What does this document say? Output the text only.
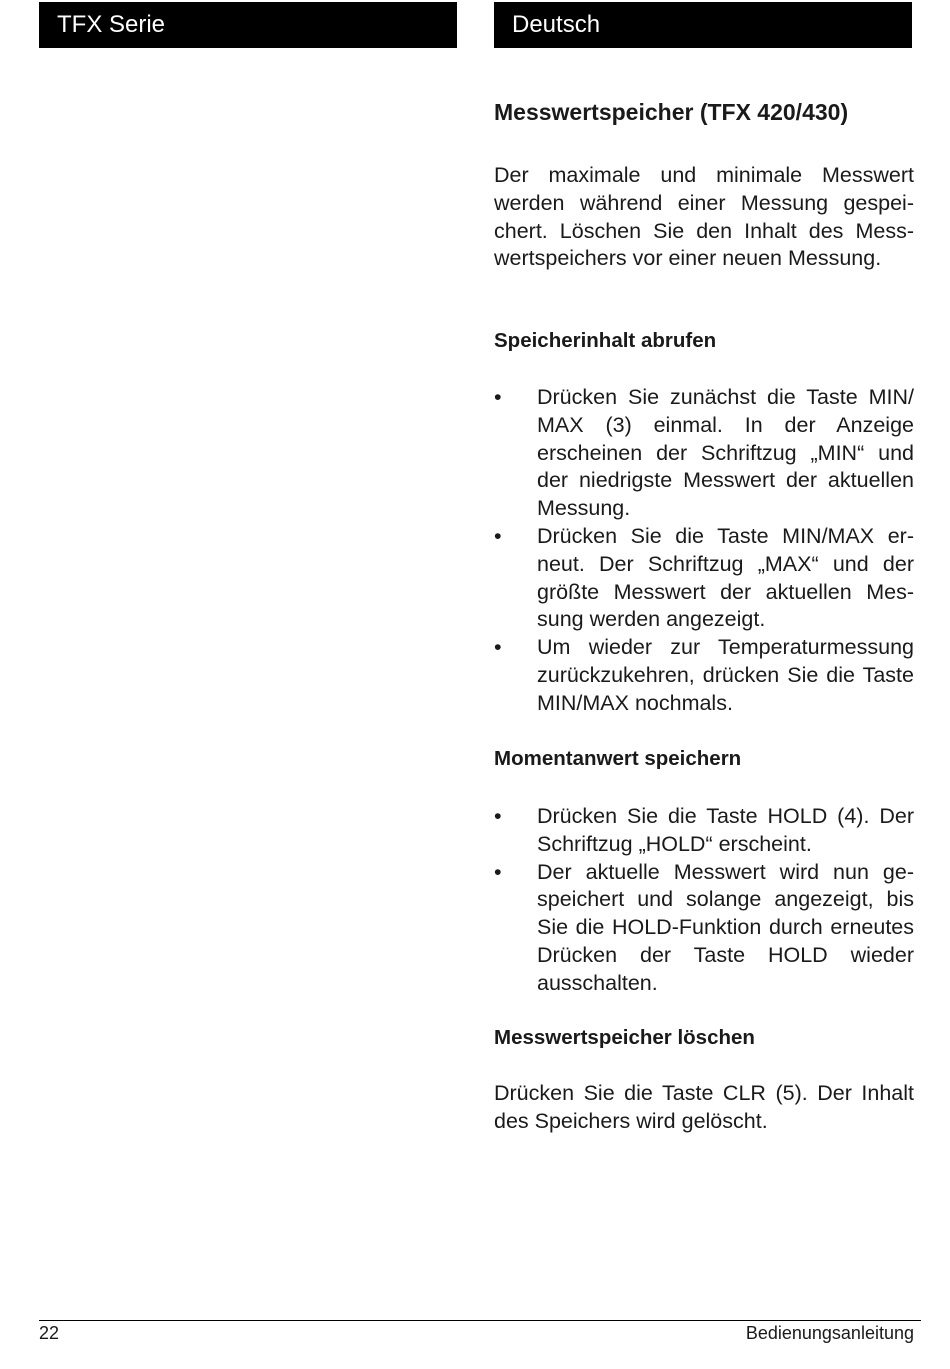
TFX Serie	Deutsch
Messwertspeicher (TFX 420/430)

Der maximale und minimale Messwert werden während einer Messung gespeichert. Löschen Sie den Inhalt des Messwertspeichers vor einer neuen Messung.

Speicherinhalt abrufen
• Drücken Sie zunächst die Taste MIN/ MAX (3) einmal. In der Anzeige erscheinen der Schriftzug „MIN“ und der niedrigste Messwert der aktuellen Messung.
• Drücken Sie die Taste MIN/MAX erneut. Der Schriftzug „MAX“ und der größte Messwert der aktuellen Messung werden angezeigt.
• Um wieder zur Temperaturmessung zurückzukehren, drücken Sie die Taste MIN/MAX nochmals.
Momentanwert speichern
• Drücken Sie die Taste HOLD (4). Der Schriftzug „HOLD“ erscheint.
• Der aktuelle Messwert wird nun gespeichert und solange angezeigt, bis Sie die HOLD-Funktion durch erneutes Drücken der Taste HOLD wieder ausschalten.
Messwertspeicher löschen

Drücken Sie die Taste CLR (5). Der Inhalt des Speichers wird gelöscht.

22	Bedienungsanleitung
